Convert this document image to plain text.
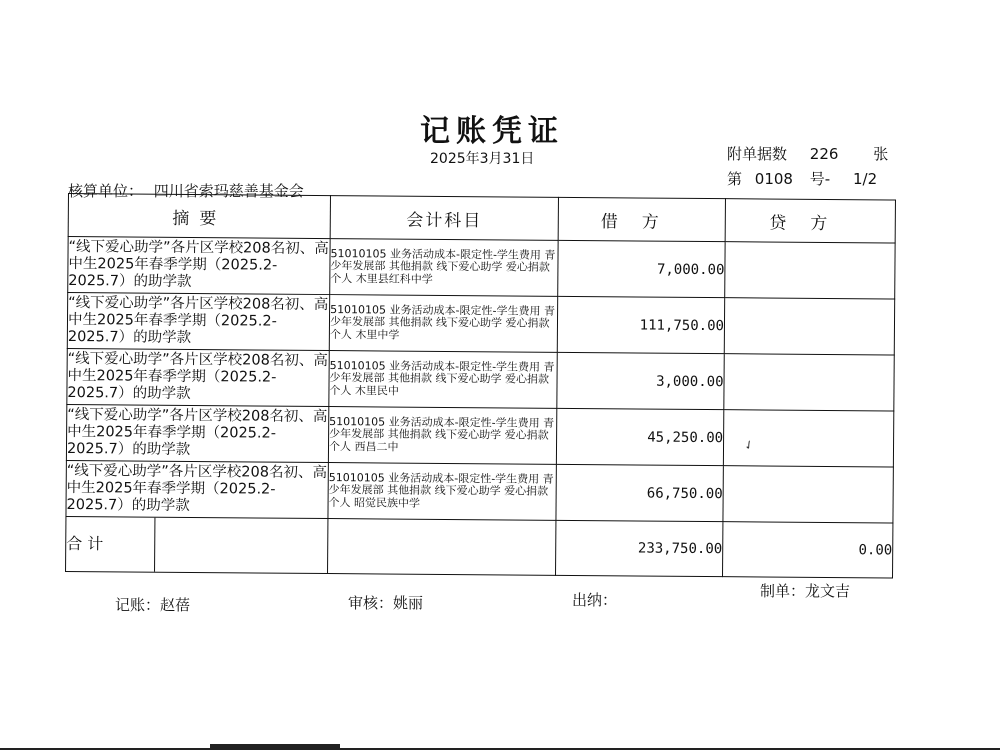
记账凭证
2025年3月31日	附单据数 226 张
第 0108 号- 1/2
核算单位： 四川省索玛慈善基金会
摘要	会计科目	借方	贷方
“线下爱心助学”各片区学校208名初、高中生2025年春季学期（2025.2-2025.7）的助学款	51010105 业务活动成本-限定性-学生费用 青少年发展部 其他捐款 线下爱心助学 爱心捐款 个人 木里县红科中学	7,000.00	
“线下爱心助学”各片区学校208名初、高中生2025年春季学期（2025.2-2025.7）的助学款	51010105 业务活动成本-限定性-学生费用 青少年发展部 其他捐款 线下爱心助学 爱心捐款 个人 木里中学	111,750.00	
“线下爱心助学”各片区学校208名初、高中生2025年春季学期（2025.2-2025.7）的助学款	51010105 业务活动成本-限定性-学生费用 青少年发展部 其他捐款 线下爱心助学 爱心捐款 个人 木里民中	3,000.00	
“线下爱心助学”各片区学校208名初、高中生2025年春季学期（2025.2-2025.7）的助学款	51010105 业务活动成本-限定性-学生费用 青少年发展部 其他捐款 线下爱心助学 爱心捐款 个人 西昌二中	45,250.00	
“线下爱心助学”各片区学校208名初、高中生2025年春季学期（2025.2-2025.7）的助学款	51010105 业务活动成本-限定性-学生费用 青少年发展部 其他捐款 线下爱心助学 爱心捐款 个人 昭觉民族中学	66,750.00	

合 计		233,750.00	0.00
✓
记账：赵蓓	审核：姚丽	出纳：	制单：龙文吉
